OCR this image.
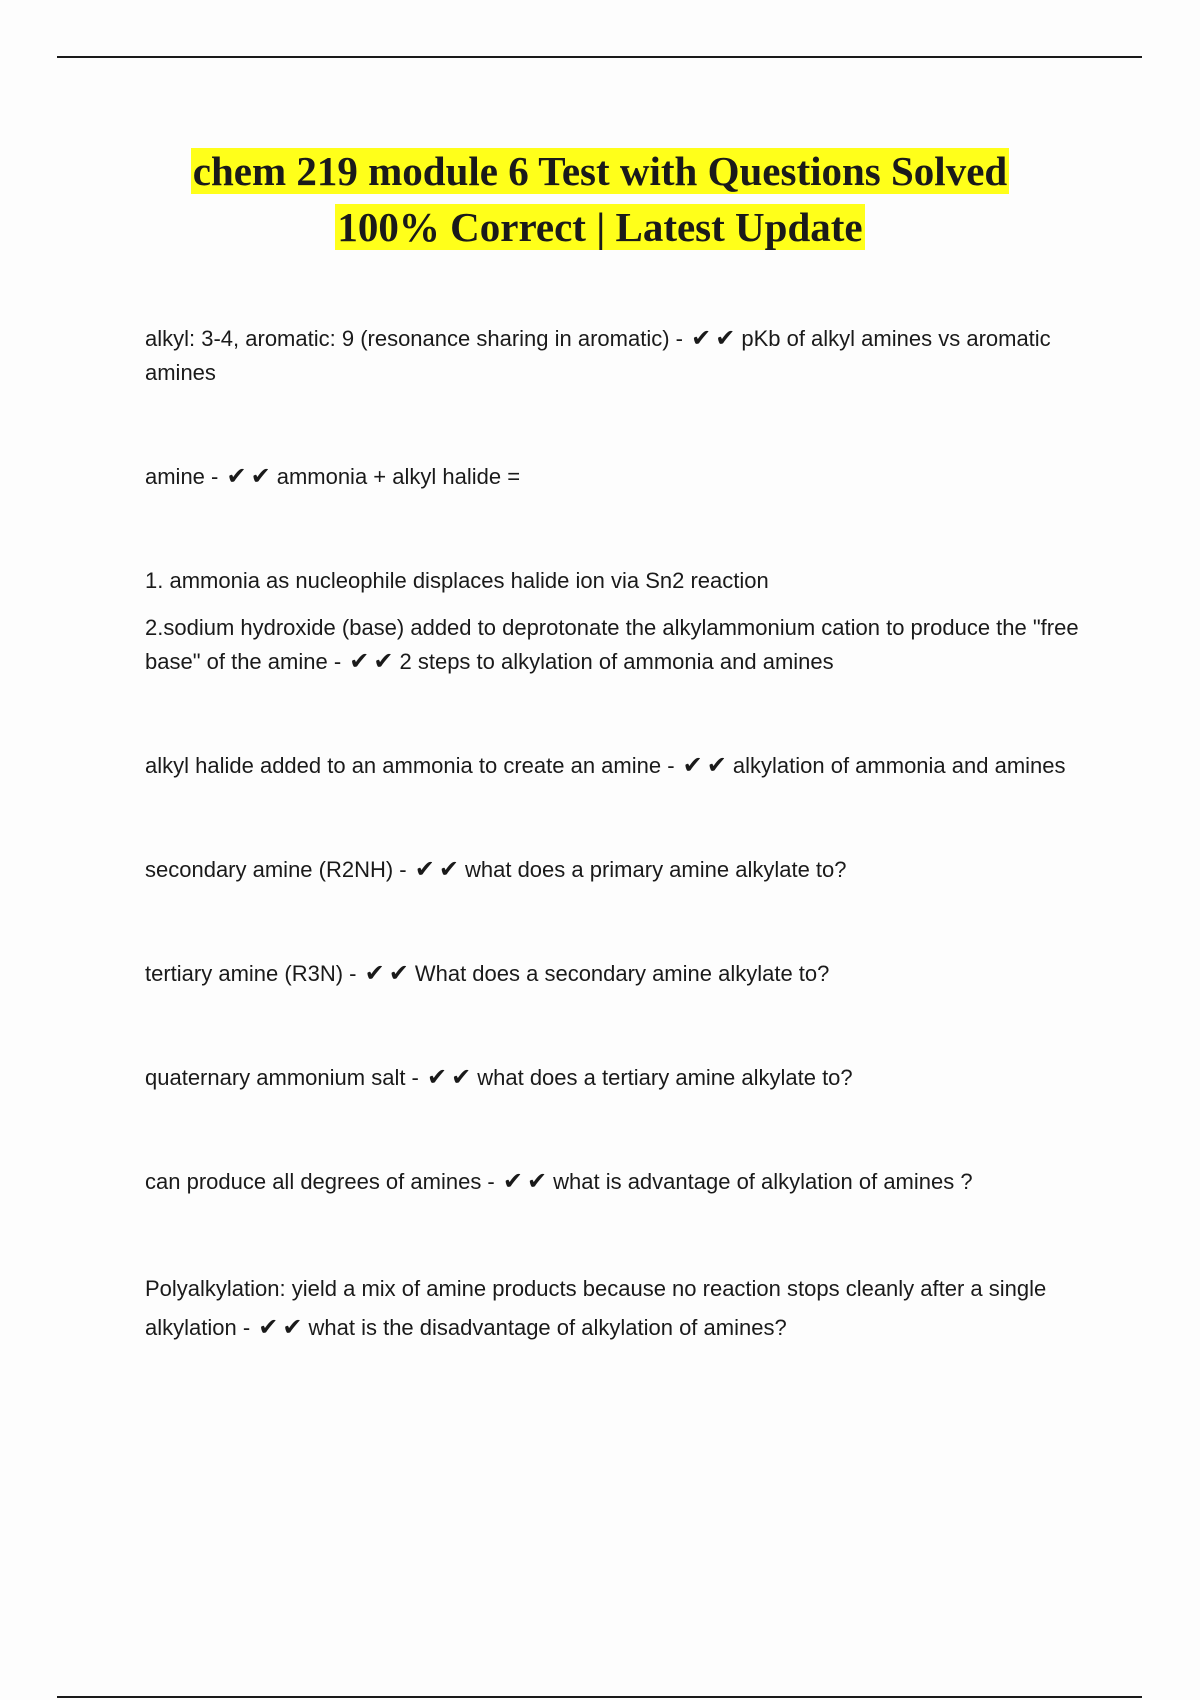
chem 219 module 6 Test with Questions Solved
100% Correct | Latest Update

alkyl: 3-4, aromatic: 9 (resonance sharing in aromatic) - ✔✔pKb of alkyl amines vs aromatic amines

amine - ✔✔ammonia + alkyl halide =

1. ammonia as nucleophile displaces halide ion via Sn2 reaction

2.sodium hydroxide (base) added to deprotonate the alkylammonium cation to produce the "free base" of the amine - ✔✔2 steps to alkylation of ammonia and amines

alkyl halide added to an ammonia to create an amine - ✔✔alkylation of ammonia and amines

secondary amine (R2NH) - ✔✔what does a primary amine alkylate to?

tertiary amine (R3N) - ✔✔What does a secondary amine alkylate to?

quaternary ammonium salt - ✔✔what does a tertiary amine alkylate to?

can produce all degrees of amines - ✔✔what is advantage of alkylation of amines ?

Polyalkylation: yield a mix of amine products because no reaction stops cleanly after a single alkylation - ✔✔what is the disadvantage of alkylation of amines?
